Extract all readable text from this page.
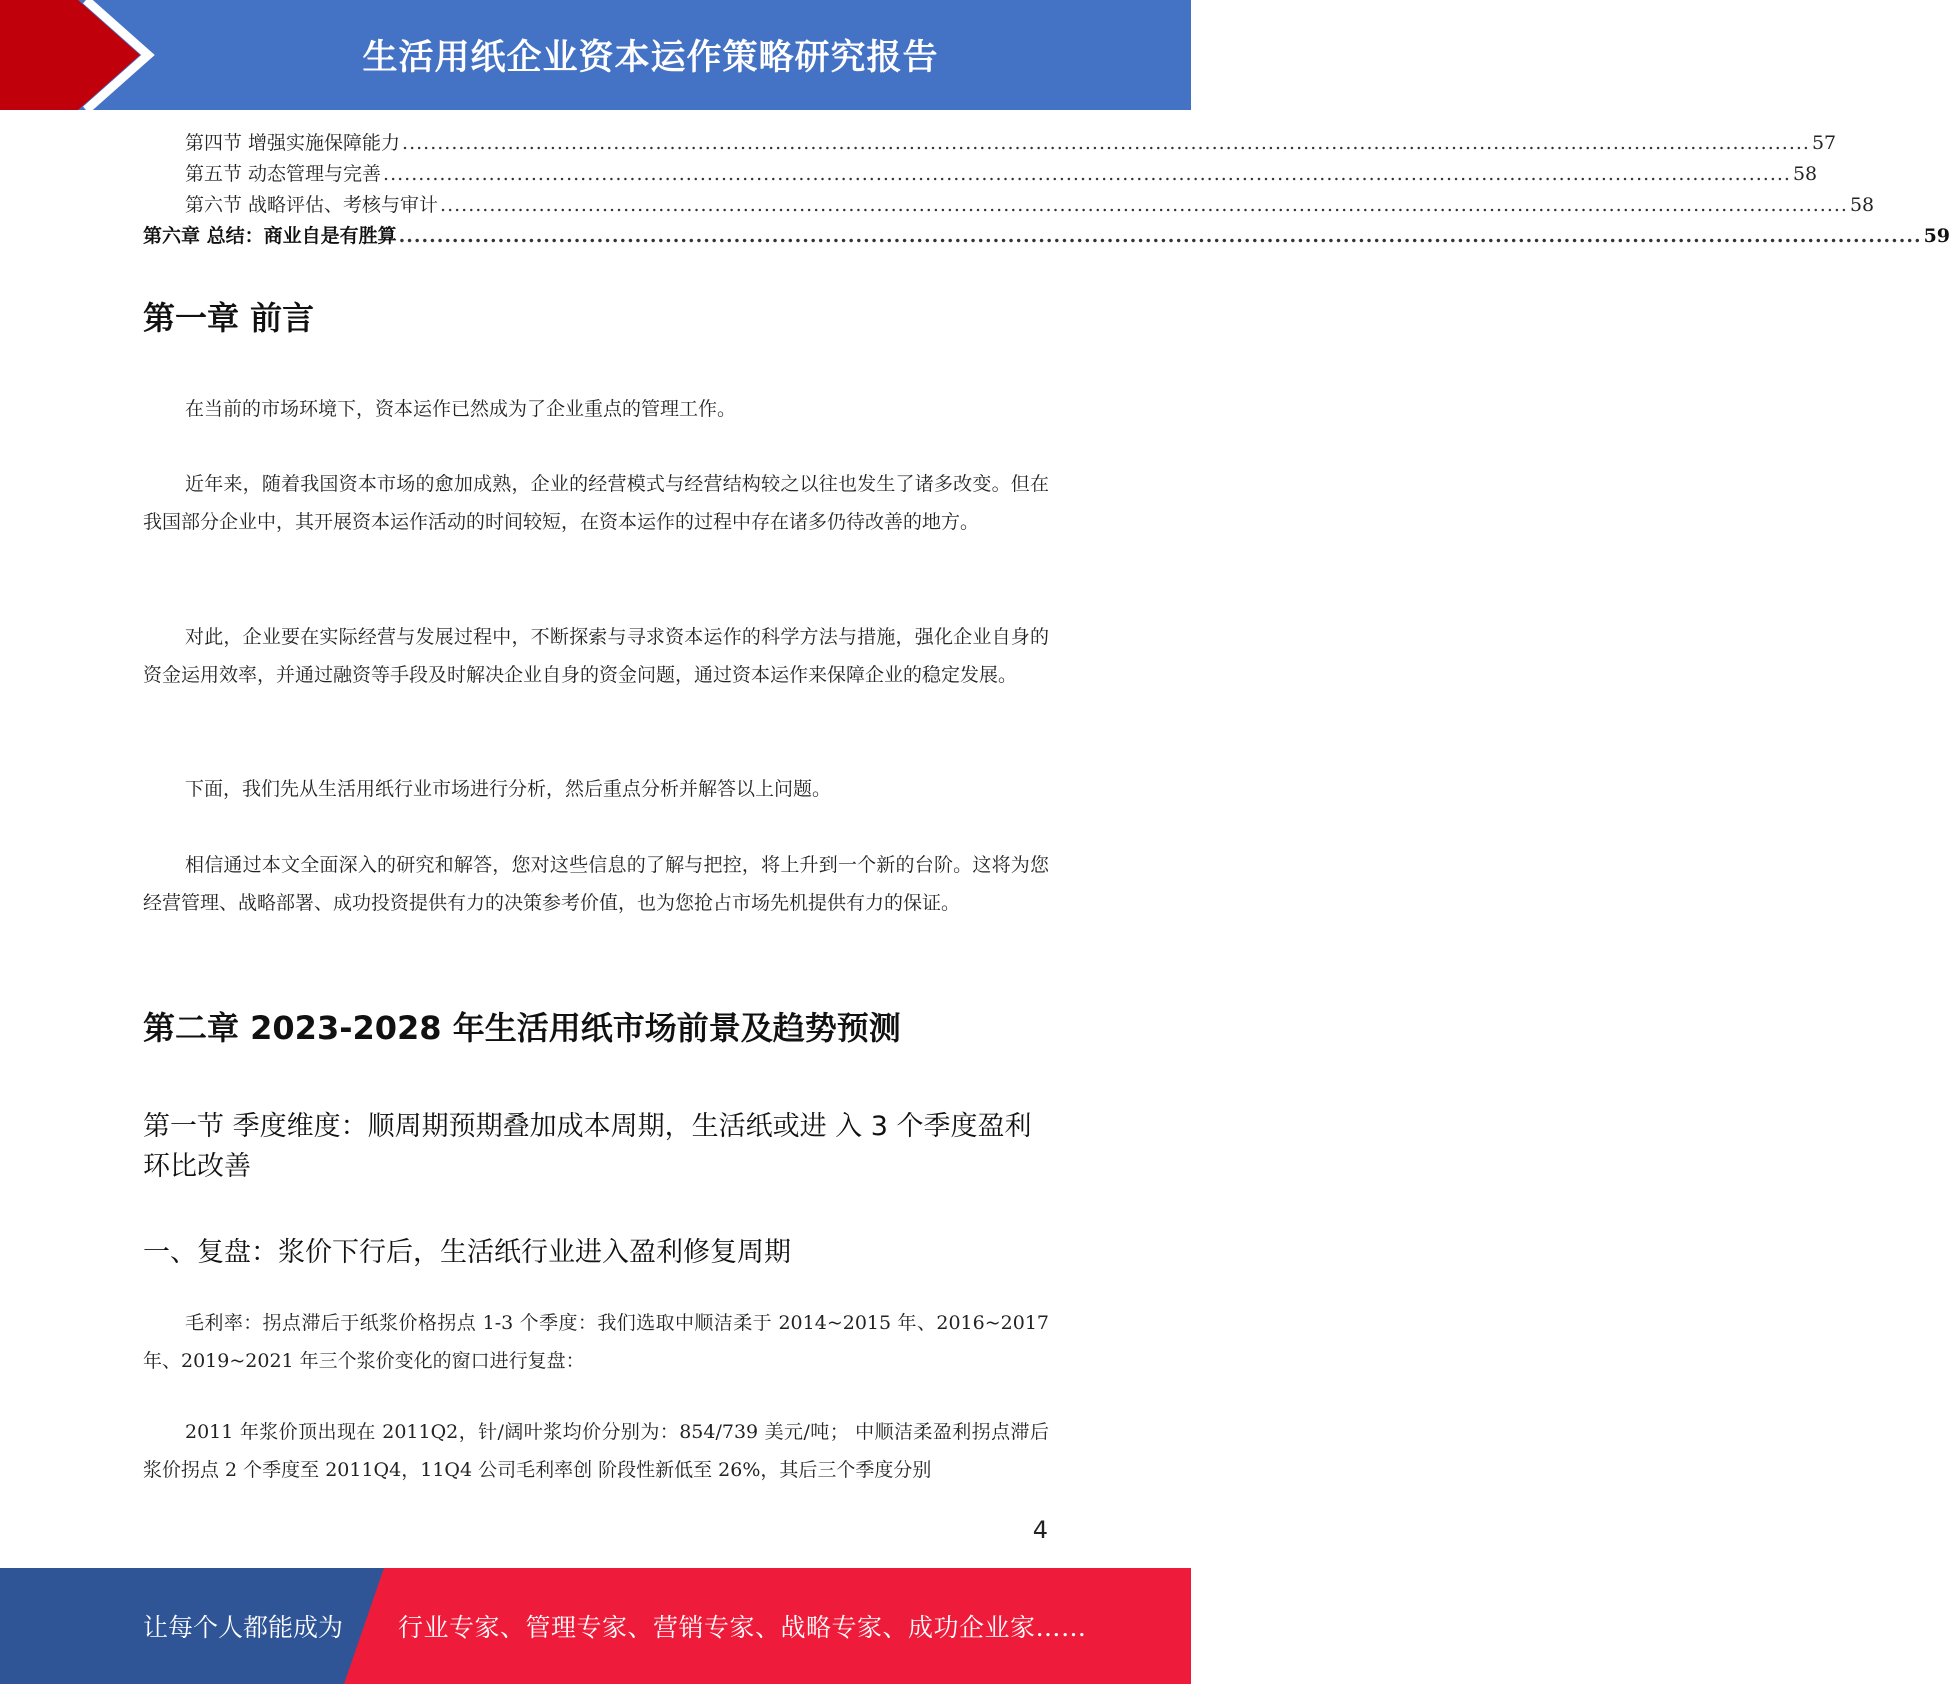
生活用纸企业资本运作策略研究报告
第四节 增强实施保障能力 ........................................................................................................................................................................................................ 57
第五节 动态管理与完善 ........................................................................................................................................................................................................ 58
第六节 战略评估、考核与审计 ........................................................................................................................................................................................................ 58
第六章 总结：商业自是有胜算 ........................................................................................................................................................................................................ 59
第一章 前言

在当前的市场环境下，资本运作已然成为了企业重点的管理工作。

近年来，随着我国资本市场的愈加成熟，企业的经营模式与经营结构较之以往也发生了诸多改变。但在我国部分企业中，其开展资本运作活动的时间较短，在资本运作的过程中存在诸多仍待改善的地方。

对此，企业要在实际经营与发展过程中，不断探索与寻求资本运作的科学方法与措施，强化企业自身的资金运用效率，并通过融资等手段及时解决企业自身的资金问题，通过资本运作来保障企业的稳定发展。

下面，我们先从生活用纸行业市场进行分析，然后重点分析并解答以上问题。

相信通过本文全面深入的研究和解答，您对这些信息的了解与把控，将上升到一个新的台阶。这将为您经营管理、战略部署、成功投资提供有力的决策参考价值，也为您抢占市场先机提供有力的保证。

第二章 2023-2028 年生活用纸市场前景及趋势预测
第一节 季度维度：顺周期预期叠加成本周期，生活纸或进 入 3 个季度盈利环比改善
一、复盘：浆价下行后，生活纸行业进入盈利修复周期

毛利率：拐点滞后于纸浆价格拐点 1-3 个季度：我们选取中顺洁柔于 2014~2015 年、2016~2017 年、2019~2021 年三个浆价变化的窗口进行复盘：

2011 年浆价顶出现在 2011Q2，针/阔叶浆均价分别为：854/739 美元/吨； 中顺洁柔盈利拐点滞后浆价拐点 2 个季度至 2011Q4，11Q4 公司毛利率创 阶段性新低至 26%，其后三个季度分别

4
让每个人都能成为 行业专家、管理专家、营销专家、战略专家、成功企业家……
